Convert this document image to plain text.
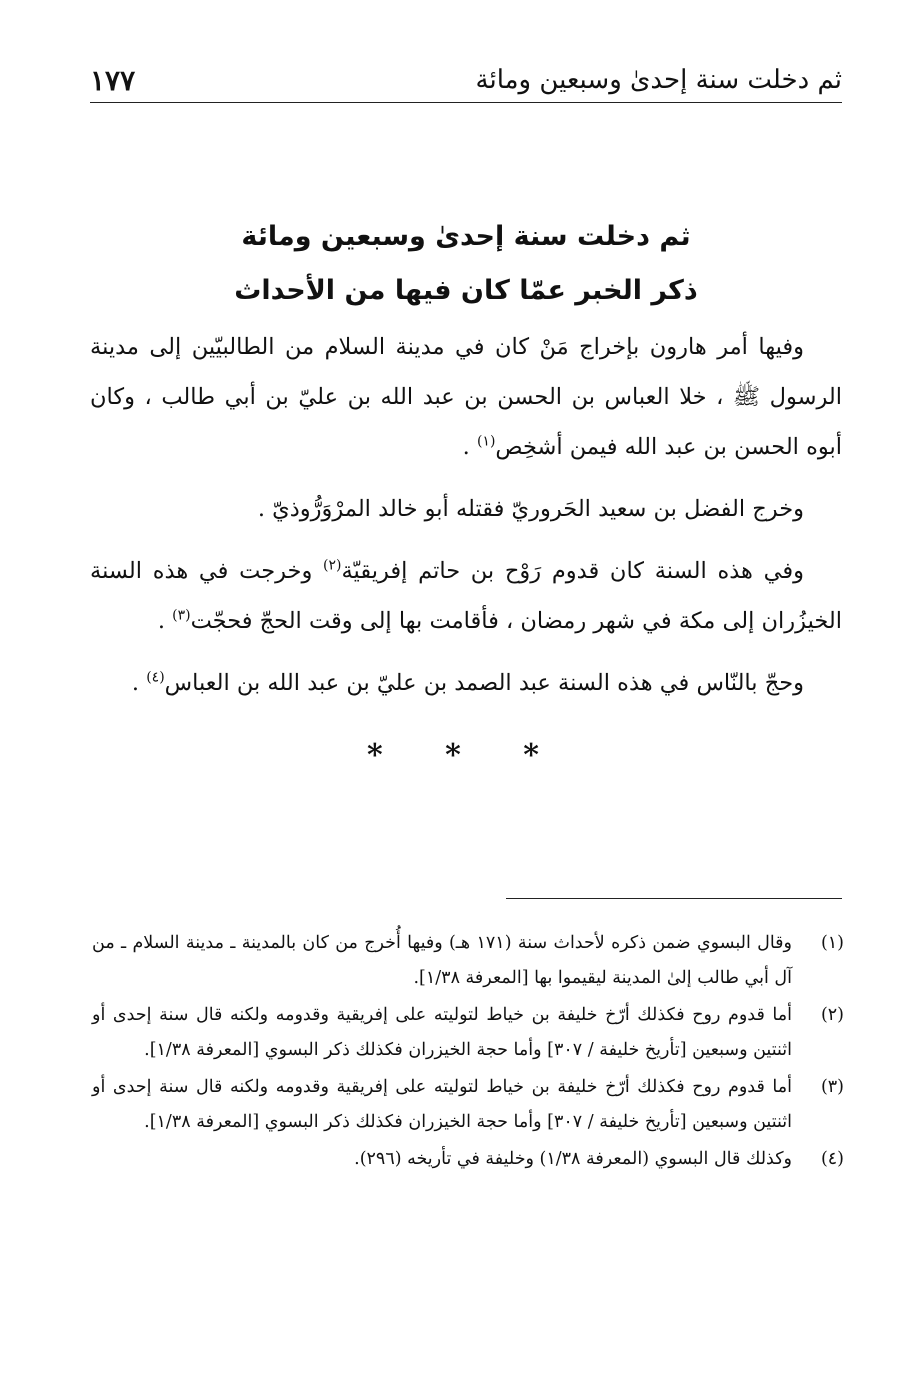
ثم دخلت سنة إحدىٰ وسبعين ومائة
١٧٧

ثم دخلت سنة إحدىٰ وسبعين ومائة

ذكر الخبر عمّا كان فيها من الأحداث

وفيها أمر هارون بإخراج مَنْ كان في مدينة السلام من الطالبيّين إلى مدينة الرسول ﷺ ، خلا العباس بن الحسن بن عبد الله بن عليّ بن أبي طالب ، وكان أبوه الحسن بن عبد الله فيمن أشخِص$^{(١)}$ .

وخرج الفضل بن سعيد الحَروريّ فقتله أبو خالد المرْوَرُّوذيّ .

وفي هذه السنة كان قدوم رَوْح بن حاتم إفريقيّة$^{(٢)}$ وخرجت في هذه السنة الخيزُران إلى مكة في شهر رمضان ، فأقامت بها إلى وقت الحجّ فحجّت$^{(٣)}$ .

وحجّ بالنّاس في هذه السنة عبد الصمد بن عليّ بن عبد الله بن العباس$^{(٤)}$ .

* * *
(١)
وقال البسوي ضمن ذكره لأحداث سنة (١٧١ هـ) وفيها أُخرج من كان بالمدينة ـ مدينة السلام ـ من آل أبي طالب إلىٰ المدينة ليقيموا بها [المعرفة ١/٣٨].
(٢)
أما قدوم روح فكذلك أرّخ خليفة بن خياط لتوليته على إفريقية وقدومه ولكنه قال سنة إحدى أو اثنتين وسبعين [تأريخ خليفة / ٣٠٧] وأما حجة الخيزران فكذلك ذكر البسوي [المعرفة ١/٣٨].
(٣)
أما قدوم روح فكذلك أرّخ خليفة بن خياط لتوليته على إفريقية وقدومه ولكنه قال سنة إحدى أو اثنتين وسبعين [تأريخ خليفة / ٣٠٧] وأما حجة الخيزران فكذلك ذكر البسوي [المعرفة ١/٣٨].
(٤)
وكذلك قال البسوي (المعرفة ١/٣٨) وخليفة في تأريخه (٢٩٦).
